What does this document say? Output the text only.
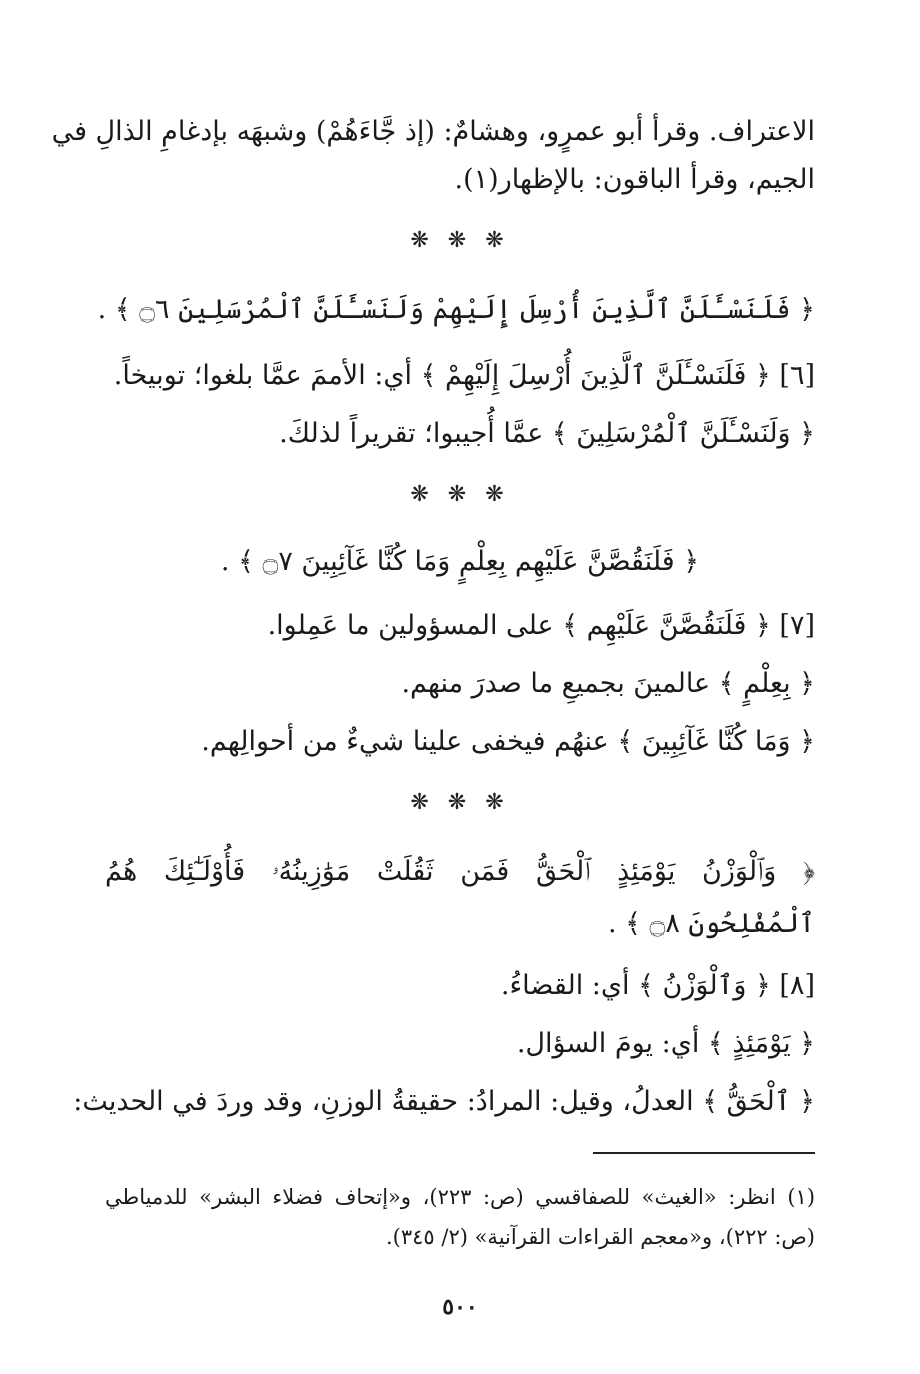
الاعتراف. وقرأ أبو عمرٍو، وهشامٌ: (إذ جَّاءَهُمْ) وشبهَه بإدغامِ الذالِ في
الجيم، وقرأ الباقون: بالإظهار(١).
❋ ❋ ❋
﴿ فَلَنَسْـَٔلَنَّ ٱلَّذِينَ أُرْسِلَ إِلَيْهِمْ وَلَنَسْـَٔلَنَّ ٱلْمُرْسَلِينَ ۝٦ ﴾ .
[٦] ﴿ فَلَنَسْـَٔلَنَّ ٱلَّذِينَ أُرْسِلَ إِلَيْهِمْ ﴾ أي: الأممَ عمَّا بلغوا؛ توبيخاً.
﴿ وَلَنَسْـَٔلَنَّ ٱلْمُرْسَلِينَ ﴾ عمَّا أُجيبوا؛ تقريراً لذلكَ.
❋ ❋ ❋
﴿ فَلَنَقُصَّنَّ عَلَيْهِم بِعِلْمٍ وَمَا كُنَّا غَآئِبِينَ ۝٧ ﴾ .
[٧] ﴿ فَلَنَقُصَّنَّ عَلَيْهِم ﴾ على المسؤولين ما عَمِلوا.
﴿ بِعِلْمٍ ﴾ عالمينَ بجميعِ ما صدرَ منهم.
﴿ وَمَا كُنَّا غَآئِبِينَ ﴾ عنهُم فيخفى علينا شيءٌ من أحوالِهم.
❋ ❋ ❋
﴿ وَٱلْوَزْنُ يَوْمَئِذٍ ٱلْحَقُّ فَمَن ثَقُلَتْ مَوَٰزِينُهُۥ فَأُوْلَـٰٓئِكَ هُمُ
ٱلْمُفْلِحُونَ ۝٨ ﴾ .
[٨] ﴿ وَٱلْوَزْنُ ﴾ أي: القضاءُ.
﴿ يَوْمَئِذٍ ﴾ أي: يومَ السؤال.
﴿ ٱلْحَقُّ ﴾ العدلُ، وقيل: المرادُ: حقيقةُ الوزنِ، وقد وردَ في الحديث:
(١) انظر: «الغيث» للصفاقسي (ص: ٢٢٣)، و«إتحاف فضلاء البشر» للدمياطي
(ص: ٢٢٢)، و«معجم القراءات القرآنية» (٢/ ٣٤٥).
٥٠٠
